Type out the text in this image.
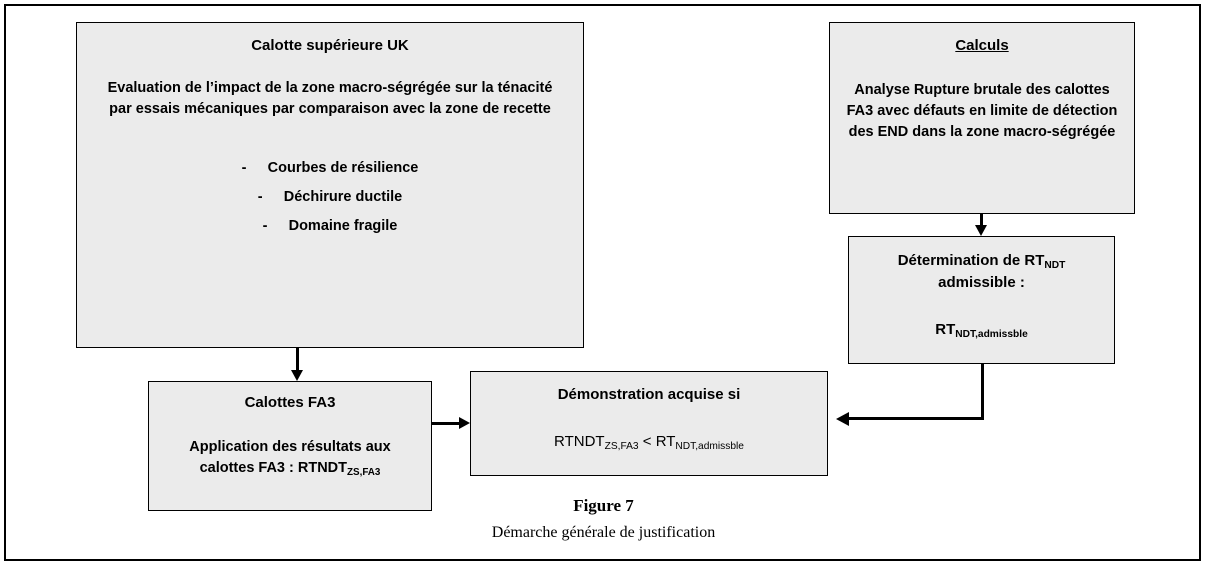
Calotte supérieure UK
Evaluation de l’impact de la zone macro-ségrégée sur la ténacité par essais mécaniques par comparaison avec la zone de recette
- Courbes de résilience
- Déchirure ductile
- Domaine fragile
Calculs
Analyse Rupture brutale des calottes FA3 avec défauts en limite de détection des END dans la zone macro-ségrégée
Détermination de $RT_{NDT}$
admissible :
$RT_{NDT,admissble}$
Calottes FA3
Application des résultats aux
calottes FA3 : $RTNDT_{ZS,FA3}$
Démonstration acquise si
$RTNDT_{ZS,FA3} < RT_{NDT,admissble}$
Figure 7
Démarche générale de justification
